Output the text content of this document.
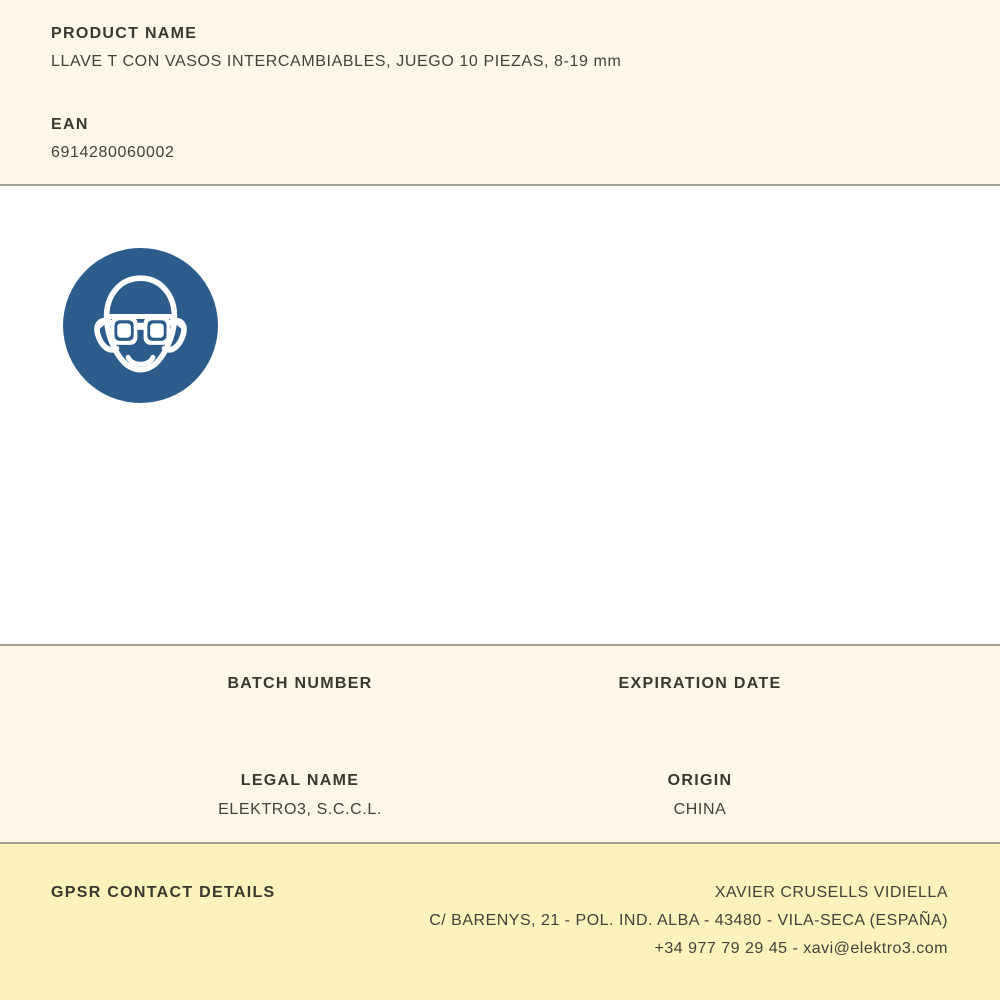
PRODUCT NAME
LLAVE T CON VASOS INTERCAMBIABLES, JUEGO 10 PIEZAS, 8-19 mm
EAN
6914280060002
BATCH NUMBER	EXPIRATION DATE
LEGAL NAME
ELEKTRO3, S.C.C.L.
ORIGIN
CHINA
GPSR CONTACT DETAILS	XAVIER CRUSELLS VIDIELLA
C/ BARENYS, 21 - POL. IND. ALBA - 43480 - VILA-SECA (ESPAÑA)
+34 977 79 29 45 - xavi@elektro3.com
